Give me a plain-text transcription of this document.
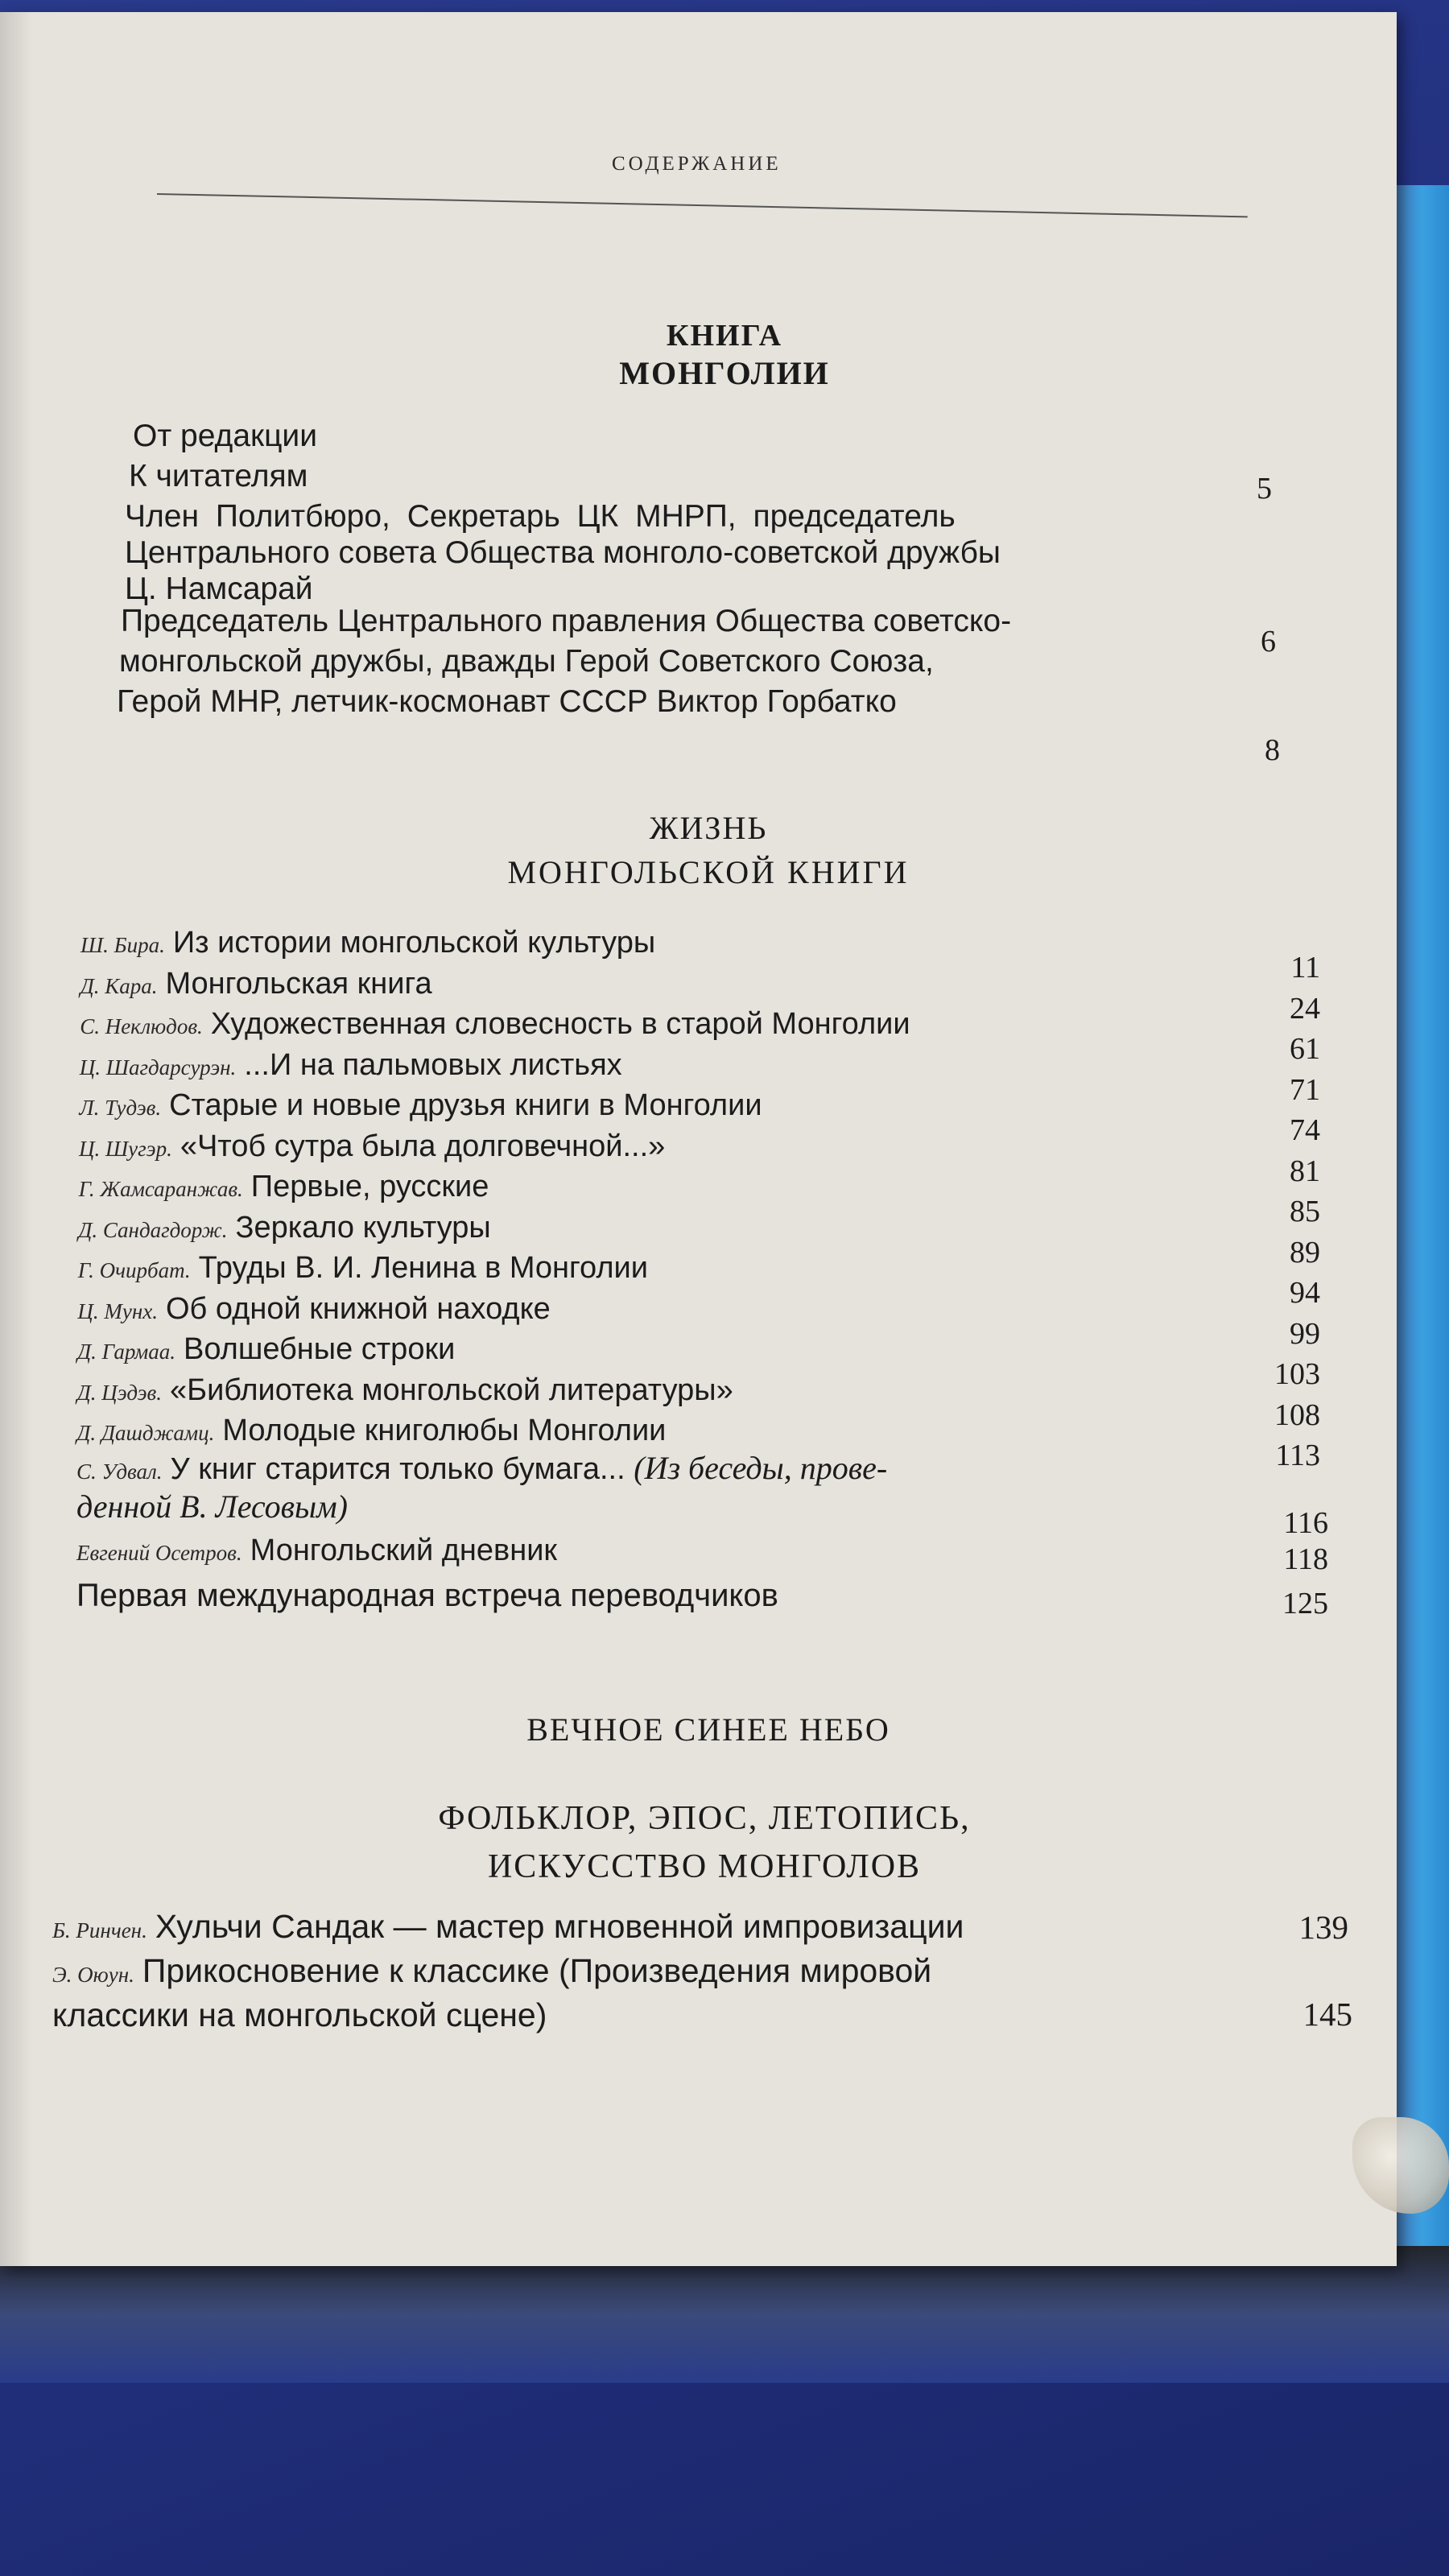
СОДЕРЖАНИЕ
КНИГА
МОНГОЛИИ
От редакции
К читателям	5
Член Политбюро, Секретарь ЦК МНРП, председатель
Центрального совета Общества монголо-советской дружбы
Ц. Намсарай
6
Председатель Центрального правления Общества советско-
монгольской дружбы, дважды Герой Советского Союза,
Герой МНР, летчик-космонавт СССР Виктор Горбатко
8
ЖИЗНЬ
МОНГОЛЬСКОЙ КНИГИ
Ш. Бира. Из истории монгольской культуры
11
Д. Кара. Монгольская книга
24
С. Неклюдов. Художественная словесность в старой Монголии
61
Ц. Шагдарсурэн. ...И на пальмовых листьях
71
Л. Тудэв. Старые и новые друзья книги в Монголии
74
Ц. Шугэр. «Чтоб сутра была долговечной...»
81
Г. Жамсаранжав. Первые, русские
85
Д. Сандагдорж. Зеркало культуры
89
Г. Очирбат. Труды В. И. Ленина в Монголии
94
Ц. Мунх. Об одной книжной находке
99
Д. Гармаа. Волшебные строки
103
Д. Цэдэв. «Библиотека монгольской литературы»
108
Д. Дашджамц. Молодые книголюбы Монголии
113
С. Удвал. У книг старится только бумага... (Из беседы, прове-
денной В. Лесовым)	116
Евгений Осетров. Монгольский дневник	118
Первая международная встреча переводчиков	125
ВЕЧНОЕ СИНЕЕ НЕБО
ФОЛЬКЛОР, ЭПОС, ЛЕТОПИСЬ,
ИСКУССТВО МОНГОЛОВ
Б. Ринчен. Хульчи Сандак — мастер мгновенной импровизации	139
Э. Оюун. Прикосновение к классике (Произведения мировой
классики на монгольской сцене)	145
